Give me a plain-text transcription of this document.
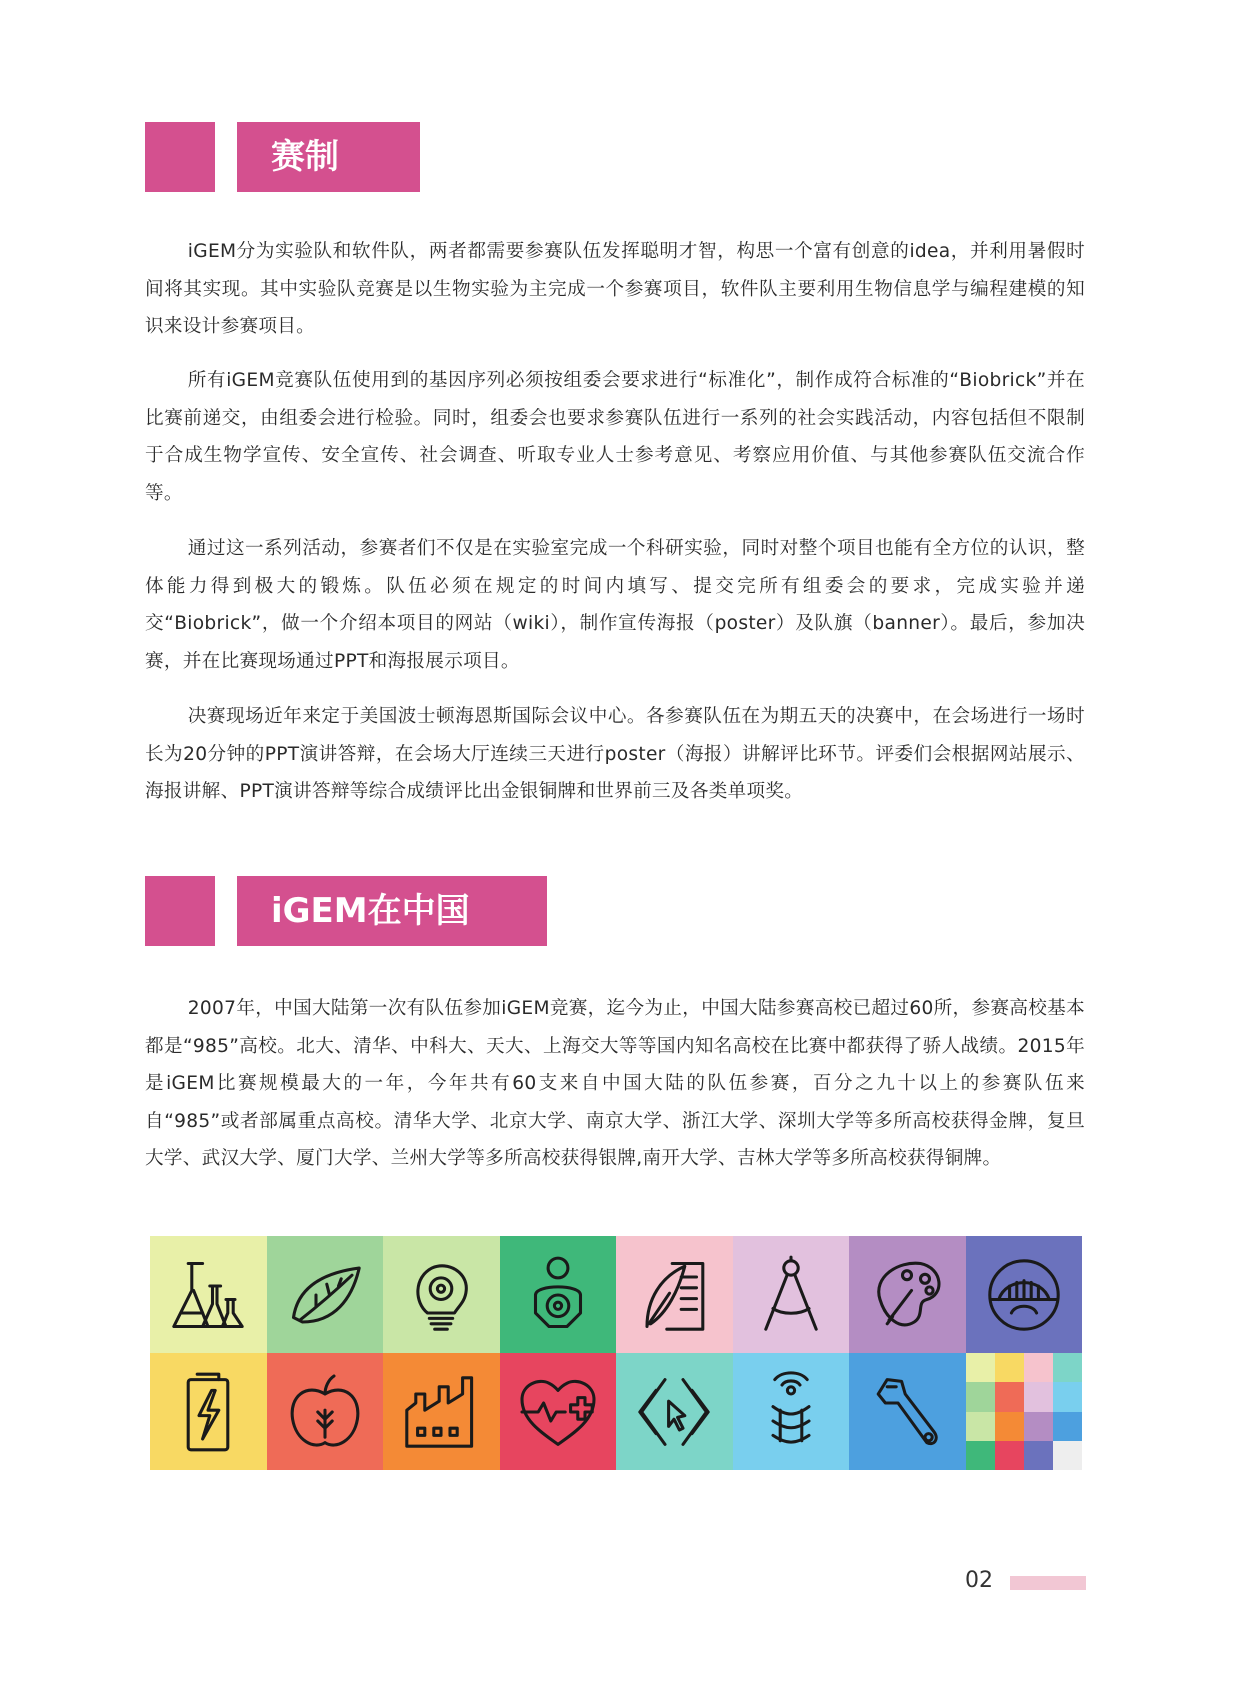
赛制

iGEM分为实验队和软件队，两者都需要参赛队伍发挥聪明才智，构思一个富有创意的idea，并利用暑假时间将其实现。其中实验队竞赛是以生物实验为主完成一个参赛项目，软件队主要利用生物信息学与编程建模的知识来设计参赛项目。

所有iGEM竞赛队伍使用到的基因序列必须按组委会要求进行“标准化”，制作成符合标准的“Biobrick”并在比赛前递交，由组委会进行检验。同时，组委会也要求参赛队伍进行一系列的社会实践活动，内容包括但不限制于合成生物学宣传、安全宣传、社会调查、听取专业人士参考意见、考察应用价值、与其他参赛队伍交流合作等。

通过这一系列活动，参赛者们不仅是在实验室完成一个科研实验，同时对整个项目也能有全方位的认识，整体能力得到极大的锻炼。队伍必须在规定的时间内填写、提交完所有组委会的要求，完成实验并递交“Biobrick”，做一个介绍本项目的网站（wiki），制作宣传海报（poster）及队旗（banner）。最后，参加决赛，并在比赛现场通过PPT和海报展示项目。

决赛现场近年来定于美国波士顿海恩斯国际会议中心。各参赛队伍在为期五天的决赛中，在会场进行一场时长为20分钟的PPT演讲答辩，在会场大厅连续三天进行poster（海报）讲解评比环节。评委们会根据网站展示、海报讲解、PPT演讲答辩等综合成绩评比出金银铜牌和世界前三及各类单项奖。

iGEM在中国

2007年，中国大陆第一次有队伍参加iGEM竞赛，迄今为止，中国大陆参赛高校已超过60所，参赛高校基本都是“985”高校。北大、清华、中科大、天大、上海交大等等国内知名高校在比赛中都获得了骄人战绩。2015年是iGEM比赛规模最大的一年，今年共有60支来自中国大陆的队伍参赛，百分之九十以上的参赛队伍来自“985”或者部属重点高校。清华大学、北京大学、南京大学、浙江大学、深圳大学等多所高校获得金牌，复旦大学、武汉大学、厦门大学、兰州大学等多所高校获得银牌,南开大学、吉林大学等多所高校获得铜牌。

02
